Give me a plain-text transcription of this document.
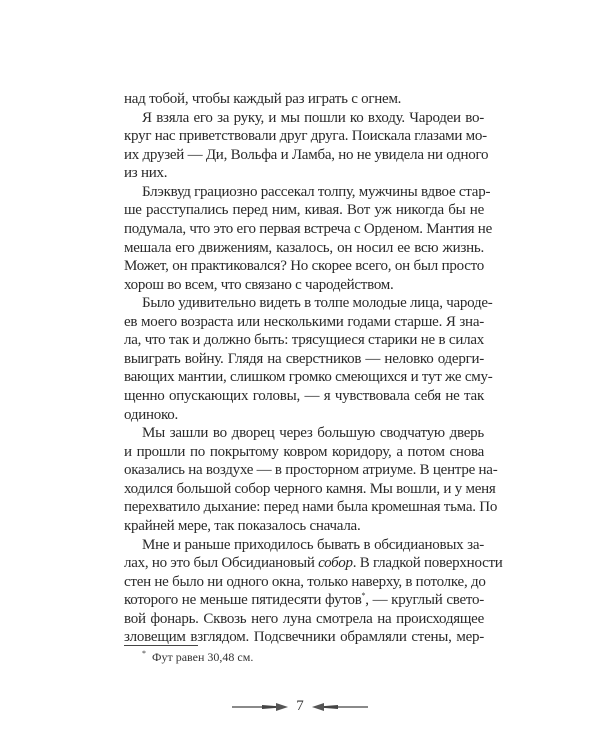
над тобой, чтобы каждый раз играть с огнем.
Я взяла его за руку, и мы пошли ко входу. Чародеи во-
круг нас приветствовали друг друга. Поискала глазами мо-
их друзей — Ди, Вольфа и Ламба, но не увидела ни одного
из них.
Блэквуд грациозно рассекал толпу, мужчины вдвое стар-
ше расступались перед ним, кивая. Вот уж никогда бы не
подумала, что это его первая встреча с Орденом. Мантия не
мешала его движениям, казалось, он носил ее всю жизнь.
Может, он практиковался? Но скорее всего, он был просто
хорош во всем, что связано с чародейством.
Было удивительно видеть в толпе молодые лица, чароде-
ев моего возраста или несколькими годами старше. Я зна-
ла, что так и должно быть: трясущиеся старики не в силах
выиграть войну. Глядя на сверстников — неловко одерги-
вающих мантии, слишком громко смеющихся и тут же сму-
щенно опускающих головы, — я чувствовала себя не так
одиноко.
Мы зашли во дворец через большую сводчатую дверь
и прошли по покрытому ковром коридору, а потом снова
оказались на воздухе — в просторном атриуме. В центре на-
ходился большой собор черного камня. Мы вошли, и у меня
перехватило дыхание: перед нами была кромешная тьма. По
крайней мере, так показалось сначала.
Мне и раньше приходилось бывать в обсидиановых за-
лах, но это был Обсидиановый собор. В гладкой поверхности
стен не было ни одного окна, только наверху, в потолке, до
которого не меньше пятидесяти футов*, — круглый свето-
вой фонарь. Сквозь него луна смотрела на происходящее
зловещим взглядом. Подсвечники обрамляли стены, мер-
* Фут равен 30,48 см.
7
